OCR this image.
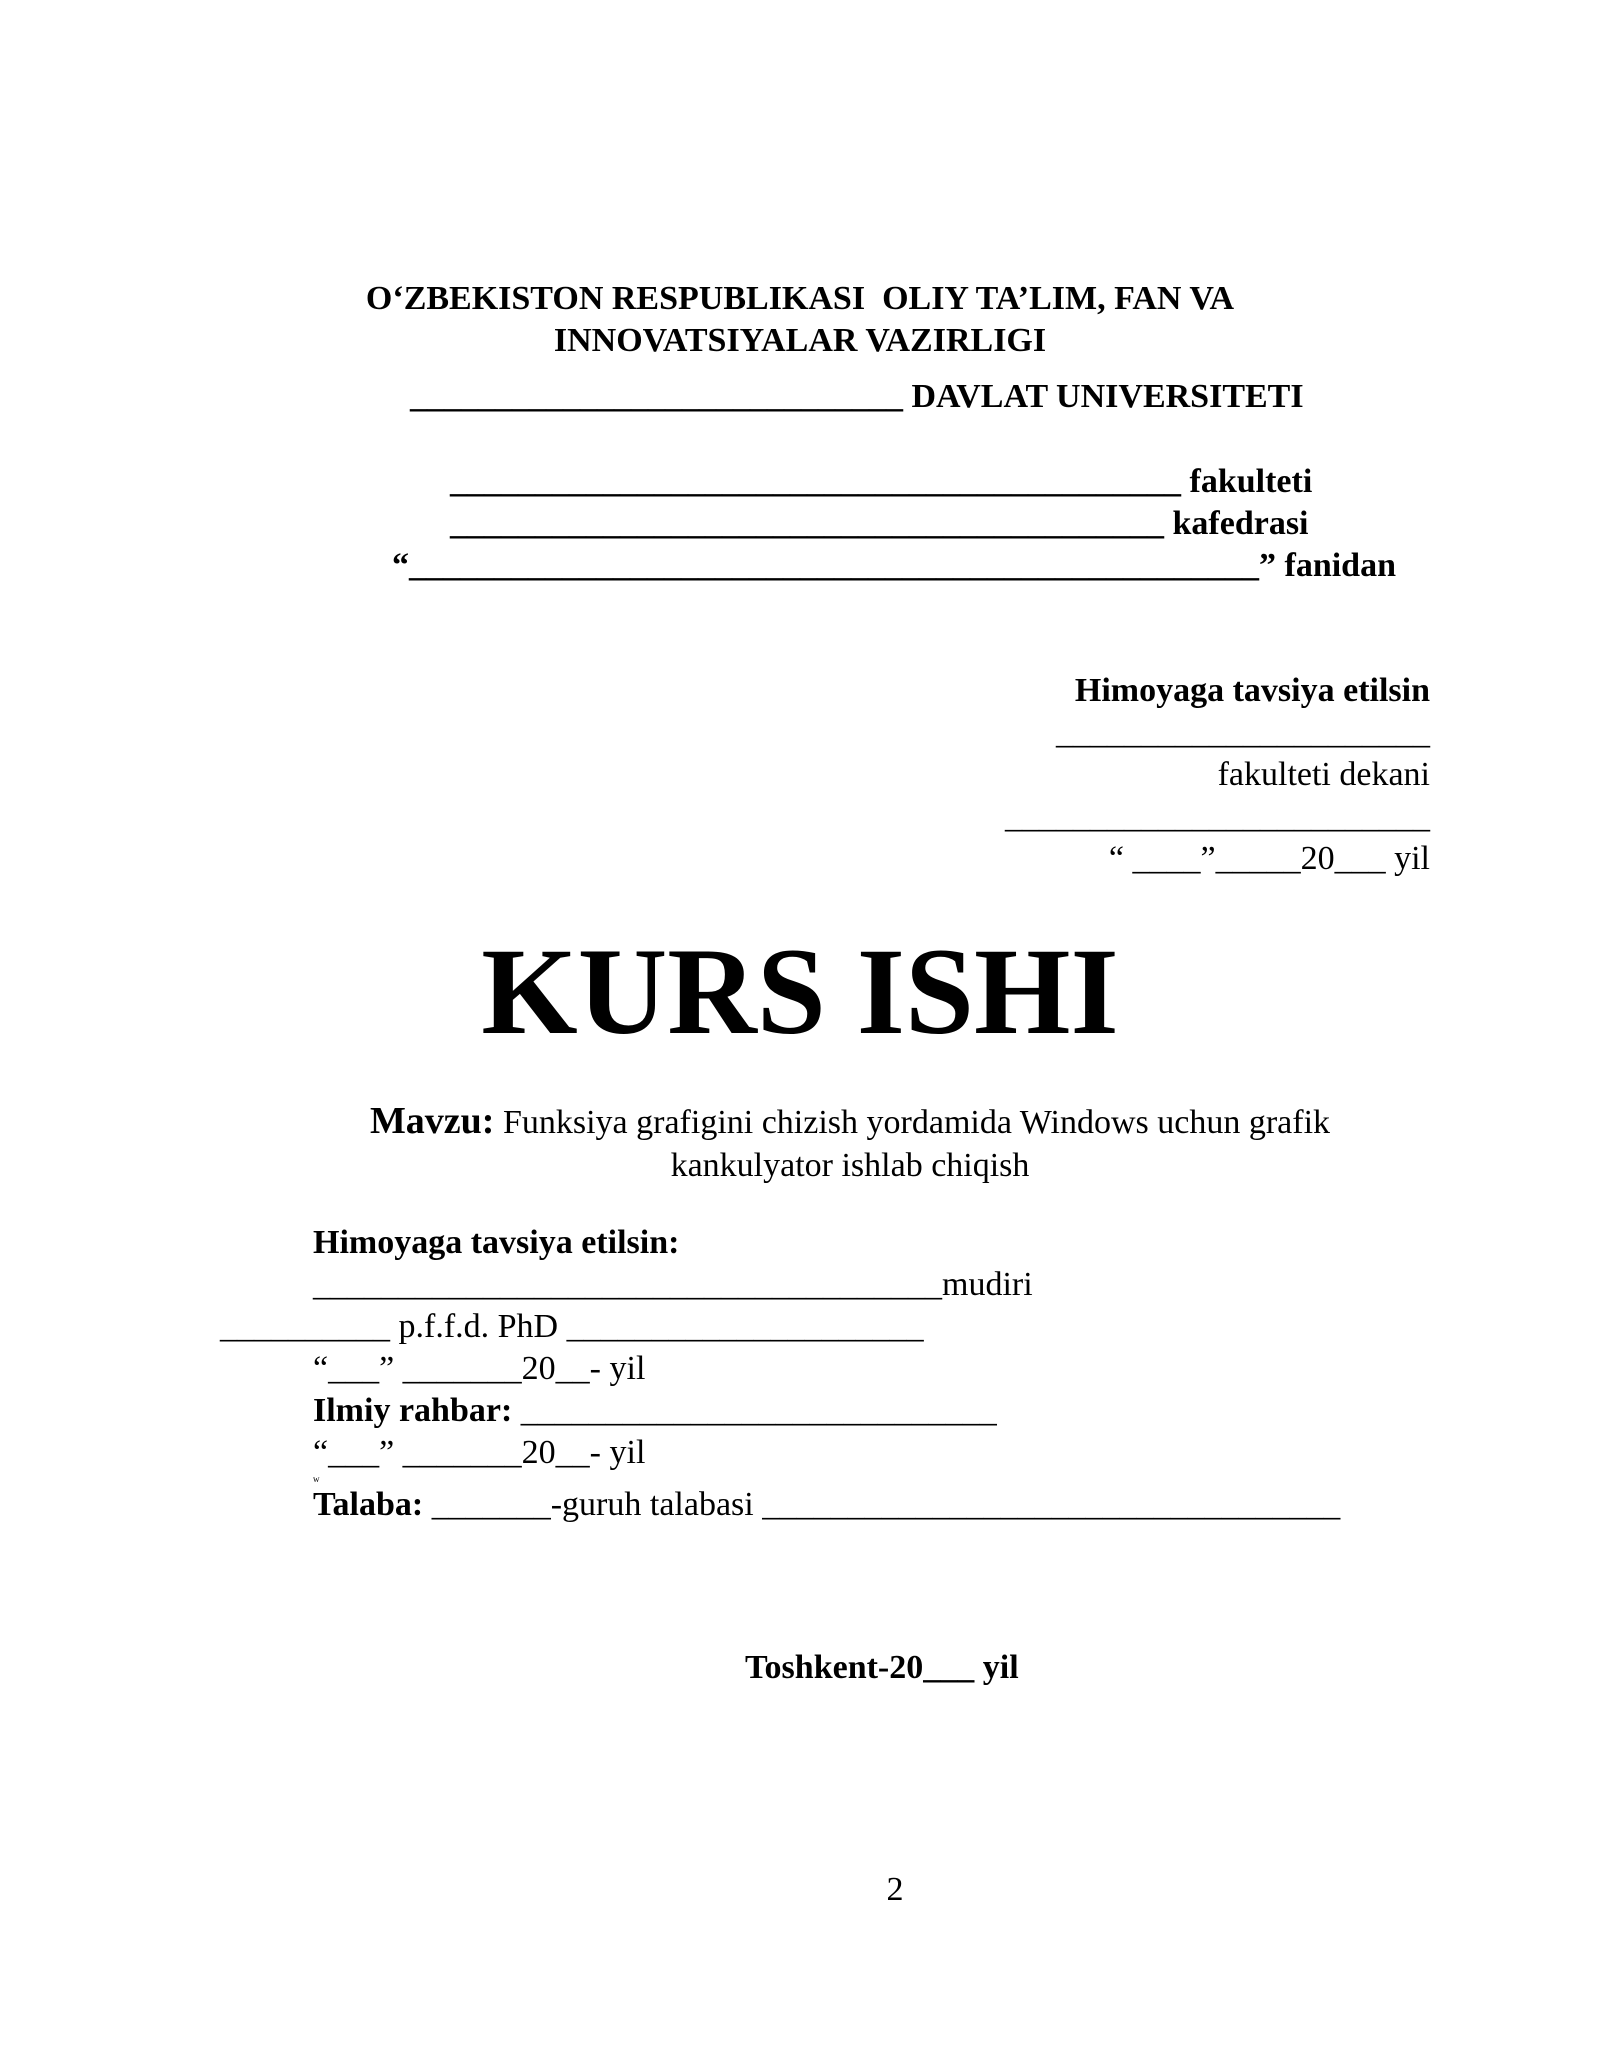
O‘ZBEKISTON RESPUBLIKASI  OLIY TA’LIM, FAN VA
INNOVATSIYALAR VAZIRLIGI
_____________________________ DAVLAT UNIVERSITETI
___________________________________________ fakulteti
__________________________________________ kafedrasi
“__________________________________________________” fanidan
Himoyaga tavsiya etilsin
______________________
fakulteti dekani
_________________________
“ ____”_____20___ yil
KURS ISHI
Mavzu: Funksiya grafigini chizish yordamida Windows uchun grafik kankulyator ishlab chiqish
Himoyaga tavsiya etilsin:
_____________________________________mudiri
__________ p.f.f.d. PhD _____________________
“___” _______20__- yil
Ilmiy rahbar: ____________________________
“___” _______20__- yil
w
Talaba: _______-guruh talabasi __________________________________
Toshkent-20___ yil
2
